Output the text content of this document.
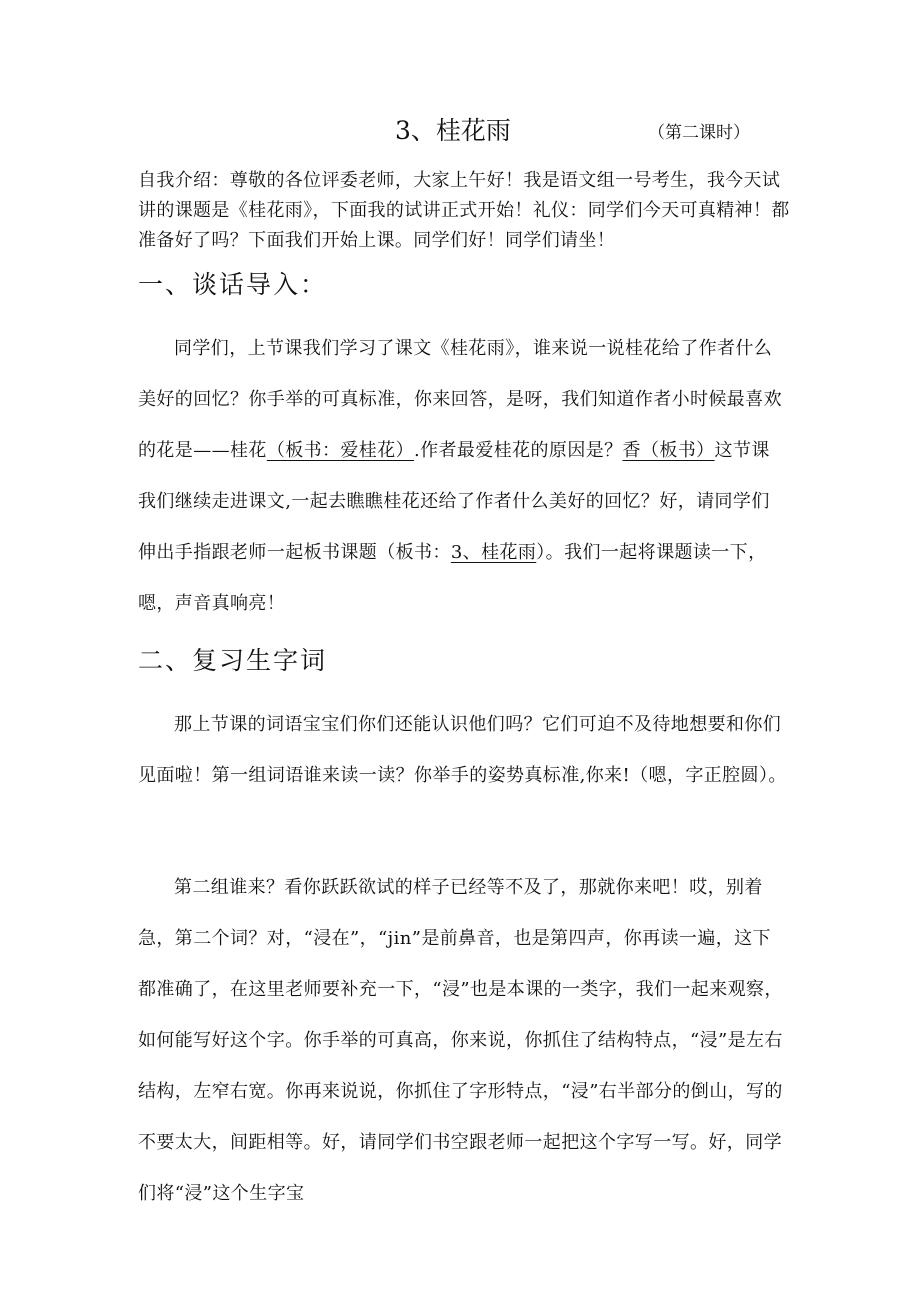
3、桂花雨	（第二课时）

自我介绍：尊敬的各位评委老师，大家上午好！我是语文组一号考生，我今天试讲的课题是《桂花雨》，下面我的试讲正式开始！礼仪：同学们今天可真精神！都准备好了吗？下面我们开始上课。同学们好！同学们请坐！

一、谈话导入：

同学们，上节课我们学习了课文《桂花雨》，谁来说一说桂花给了作者什么美好的回忆？你手举的可真标准，你来回答，是呀，我们知道作者小时候最喜欢的花是——桂花（板书：爱桂花）.作者最爱桂花的原因是？香（板书）这节课我们继续走进课文,一起去瞧瞧桂花还给了作者什么美好的回忆？好，请同学们伸出手指跟老师一起板书课题（板书：3、桂花雨）。我们一起将课题读一下，嗯，声音真响亮！

二、复习生字词

那上节课的词语宝宝们你们还能认识他们吗？它们可迫不及待地想要和你们见面啦！第一组词语谁来读一读？你举手的姿势真标准,你来!（嗯，字正腔圆）。

第二组谁来？看你跃跃欲试的样子已经等不及了，那就你来吧！哎，别着急，第二个词？对，“浸在”，“jin”是前鼻音，也是第四声，你再读一遍，这下都准确了，在这里老师要补充一下，“浸”也是本课的一类字，我们一起来观察，如何能写好这个字。你手举的可真高，你来说，你抓住了结构特点，“浸”是左右结构，左窄右宽。你再来说说，你抓住了字形特点，“浸”右半部分的倒山，写的不要太大，间距相等。好，请同学们书空跟老师一起把这个字写一写。好，同学们将“浸”这个生字宝
